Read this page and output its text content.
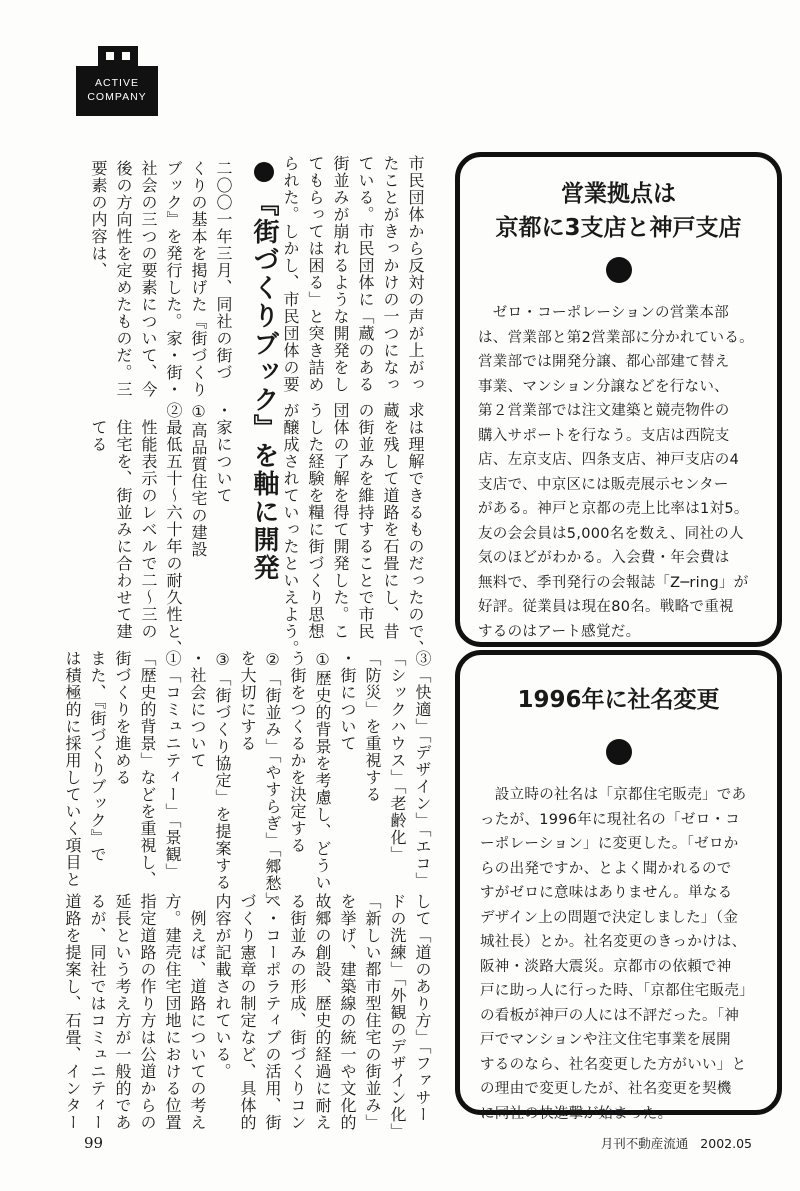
ACTIVE
COMPANY
市民団体から反対の声が上がっ
たことがきっかけの一つになっ
ている。市民団体に「蔵のある
街並みが崩れるような開発をし
てもらっては困る」と突き詰め
られた。しかし、市民団体の要
『街づくりブック』を軸に開発
二〇〇一年三月、同社の街づ
くりの基本を掲げた『街づくり
ブック』を発行した。家・街・
社会の三つの要素について、今
後の方向性を定めたものだ。三
要素の内容は、
求は理解できるものだったので、
蔵を残して道路を石畳にし、昔
の街並みを維持することで市民
団体の了解を得て開発した。こ
うした経験を糧に街づくり思想
が醸成されていったといえよう。
・家について
①高品質住宅の建設
②最低五十～六十年の耐久性と、
　性能表示のレベルで二～三の
　住宅を、街並みに合わせて建
　てる
③「快適」「デザイン」「エコ」
「シックハウス」「老齢化」
「防災」を重視する
・街について
①歴史的背景を考慮し、どうい
う街をつくるかを決定する
②「街並み」「やすらぎ」「郷愁」
を大切にする
③「街づくり協定」を提案する
・社会について
①「コミュニティー」「景観」
「歴史的背景」などを重視し、
街づくりを進める
また、『街づくりブック』で
は積極的に採用していく項目と
して「道のあり方」「ファサー
ドの洗練」「外観のデザイン化」
「新しい都市型住宅の街並み」
を挙げ、建築線の統一や文化的
故郷の創設、歴史的経過に耐え
る街並みの形成、街づくりコン
ペ・コーポラティブの活用、街
づくり憲章の制定など、具体的
内容が記載されている。
　例えば、道路についての考え
方。建売住宅団地における位置
指定道路の作り方は公道からの
延長という考え方が一般的であ
るが、同社ではコミュニティー
道路を提案し、石畳、インター
営業拠点は
京都に3支店と神戸支店
　ゼロ・コーポレーションの営業本部
は、営業部と第2営業部に分かれている。
営業部では開発分譲、都心部建て替え
事業、マンション分譲などを行ない、
第２営業部では注文建築と競売物件の
購入サポートを行なう。支店は西院支
店、左京支店、四条支店、神戸支店の4
支店で、中京区には販売展示センター
がある。神戸と京都の売上比率は1対5。
友の会会員は5,000名を数え、同社の人
気のほどがわかる。入会費・年会費は
無料で、季刊発行の会報誌「Z─ring」が
好評。従業員は現在80名。戦略で重視
するのはアート感覚だ。
1996年に社名変更
　設立時の社名は「京都住宅販売」であ
ったが、1996年に現社名の「ゼロ・コ
ーポレーション」に変更した。「ゼロか
らの出発ですか、とよく聞かれるので
すがゼロに意味はありません。単なる
デザイン上の問題で決定しました」（金
城社長）とか。社名変更のきっかけは、
阪神・淡路大震災。京都市の依頼で神
戸に助っ人に行った時、「京都住宅販売」
の看板が神戸の人には不評だった。「神
戸でマンションや注文住宅事業を展開
するのなら、社名変更した方がいい」と
の理由で変更したが、社名変更を契機
に同社の快進撃が始まった。
99	月刊不動産流通 2002.05
